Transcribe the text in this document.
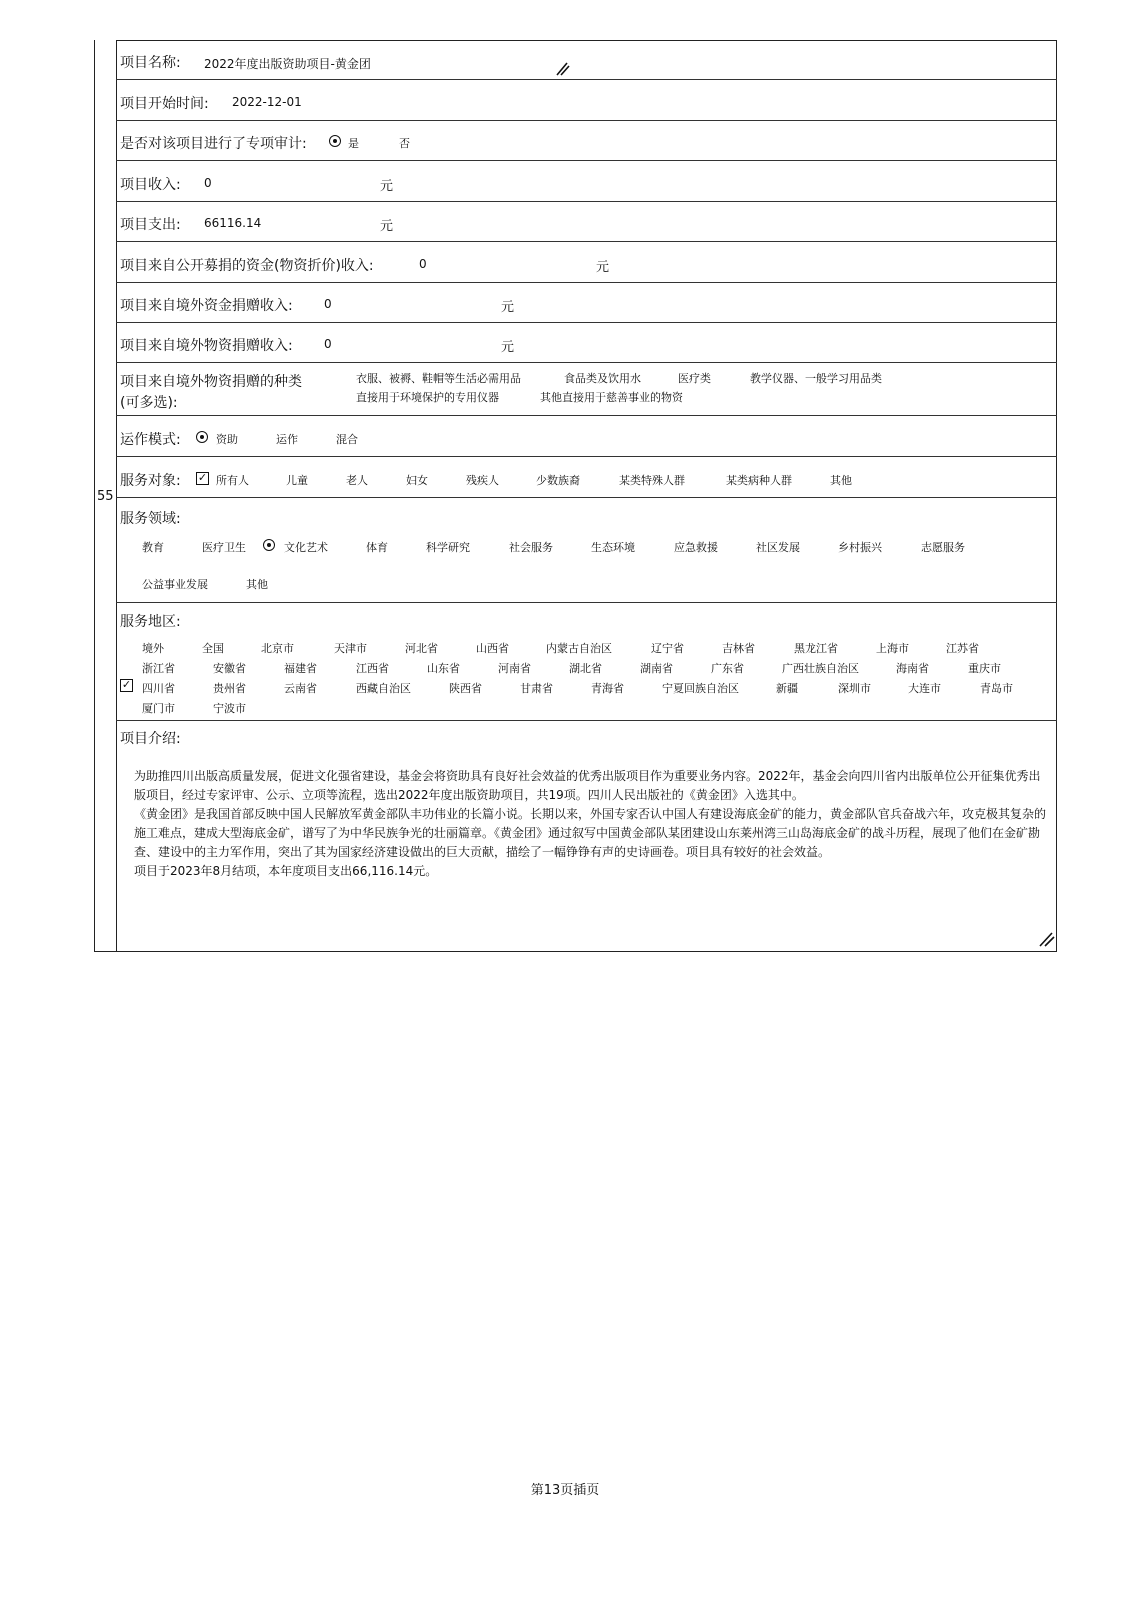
55
项目名称: 2022年度出版资助项目-黄金团
项目开始时间: 2022-12-01
是否对该项目进行了专项审计:	是	否
项目收入: 0	元
项目支出: 66116.14	元
项目来自公开募捐的资金(物资折价)收入:	0	元
项目来自境外资金捐赠收入:	0	元
项目来自境外物资捐赠收入:	0	元
项目来自境外物资捐赠的种类
(可多选):
衣服、被褥、鞋帽等生活必需用品	食品类及饮用水	医疗类	教学仪器、一般学习用品类
直接用于环境保护的专用仪器	其他直接用于慈善事业的物资
运作模式:	资助	运作	混合
服务对象: ✓ 所有人	儿童	老人	妇女	残疾人	少数族裔	某类特殊人群	某类病种人群	其他
服务领域:
教育	医疗卫生	文化艺术	体育	科学研究	社会服务	生态环境	应急救援	社区发展	乡村振兴	志愿服务
公益事业发展	其他
服务地区:
境外	全国	北京市	天津市	河北省	山西省	内蒙古自治区	辽宁省	吉林省	黑龙江省	上海市	江苏省
浙江省	安徽省	福建省	江西省	山东省	河南省	湖北省	湖南省	广东省	广西壮族自治区	海南省	重庆市
✓ 四川省	贵州省	云南省	西藏自治区	陕西省	甘肃省	青海省	宁夏回族自治区	新疆	深圳市	大连市	青岛市
厦门市	宁波市
项目介绍:

为助推四川出版高质量发展，促进文化强省建设，基金会将资助具有良好社会效益的优秀出版项目作为重要业务内容。2022年，基金会向四川省内出版单位公开征集优秀出版项目，经过专家评审、公示、立项等流程，选出2022年度出版资助项目，共19项。四川人民出版社的《黄金团》入选其中。

《黄金团》是我国首部反映中国人民解放军黄金部队丰功伟业的长篇小说。长期以来，外国专家否认中国人有建设海底金矿的能力，黄金部队官兵奋战六年，攻克极其复杂的施工难点，建成大型海底金矿，谱写了为中华民族争光的壮丽篇章。《黄金团》通过叙写中国黄金部队某团建设山东莱州湾三山岛海底金矿的战斗历程，展现了他们在金矿勘查、建设中的主力军作用，突出了其为国家经济建设做出的巨大贡献，描绘了一幅铮铮有声的史诗画卷。项目具有较好的社会效益。

项目于2023年8月结项，本年度项目支出66,116.14元。

第13页插页
